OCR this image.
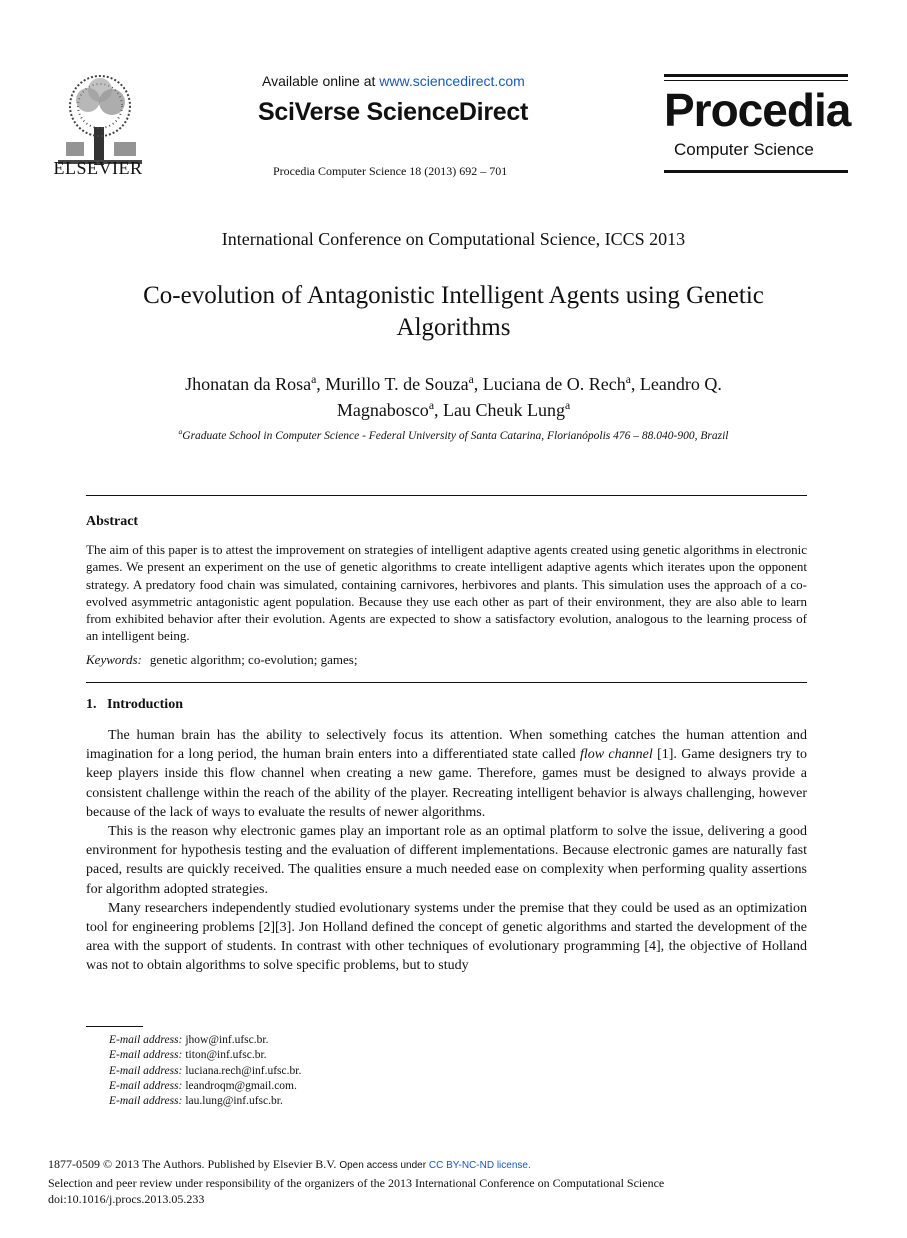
ELSEVIER
Available online at www.sciencedirect.com
SciVerse ScienceDirect
Procedia Computer Science 18 (2013) 692 – 701
Procedia
Computer Science
International Conference on Computational Science, ICCS 2013
Co-evolution of Antagonistic Intelligent Agents using Genetic
Algorithms
Jhonatan da Rosa$^a$, Murillo T. de Souza$^a$, Luciana de O. Rech$^a$, Leandro Q.
Magnabosco$^a$, Lau Cheuk Lung$^a$
$^a$Graduate School in Computer Science - Federal University of Santa Catarina, Florianópolis 476 – 88.040-900, Brazil
Abstract
The aim of this paper is to attest the improvement on strategies of intelligent adaptive agents created using genetic algorithms in electronic games. We present an experiment on the use of genetic algorithms to create intelligent adaptive agents which iterates upon the opponent strategy. A predatory food chain was simulated, containing carnivores, herbivores and plants. This simulation uses the approach of a co-evolved asymmetric antagonistic agent population. Because they use each other as part of their environment, they are also able to learn from exhibited behavior after their evolution. Agents are expected to show a satisfactory evolution, analogous to the learning process of an intelligent being.
Keywords: genetic algorithm; co-evolution; games;
1.   Introduction

The human brain has the ability to selectively focus its attention. When something catches the human attention and imagination for a long period, the human brain enters into a differentiated state called flow channel [1]. Game designers try to keep players inside this flow channel when creating a new game. Therefore, games must be designed to always provide a consistent challenge within the reach of the ability of the player. Recreating intelligent behavior is always challenging, however because of the lack of ways to evaluate the results of newer algorithms.

This is the reason why electronic games play an important role as an optimal platform to solve the issue, delivering a good environment for hypothesis testing and the evaluation of different implementations. Because electronic games are naturally fast paced, results are quickly received. The qualities ensure a much needed ease on complexity when performing quality assertions for algorithm adopted strategies.

Many researchers independently studied evolutionary systems under the premise that they could be used as an optimization tool for engineering problems [2][3]. Jon Holland defined the concept of genetic algorithms and started the development of the area with the support of students. In contrast with other techniques of evolutionary programming [4], the objective of Holland was not to obtain algorithms to solve specific problems, but to study

E-mail address: jhow@inf.ufsc.br.
E-mail address: titon@inf.ufsc.br.
E-mail address: luciana.rech@inf.ufsc.br.
E-mail address: leandroqm@gmail.com.
E-mail address: lau.lung@inf.ufsc.br.
1877-0509 © 2013 The Authors. Published by Elsevier B.V. Open access under CC BY-NC-ND license.
Selection and peer review under responsibility of the organizers of the 2013 International Conference on Computational Science
doi:10.1016/j.procs.2013.05.233
